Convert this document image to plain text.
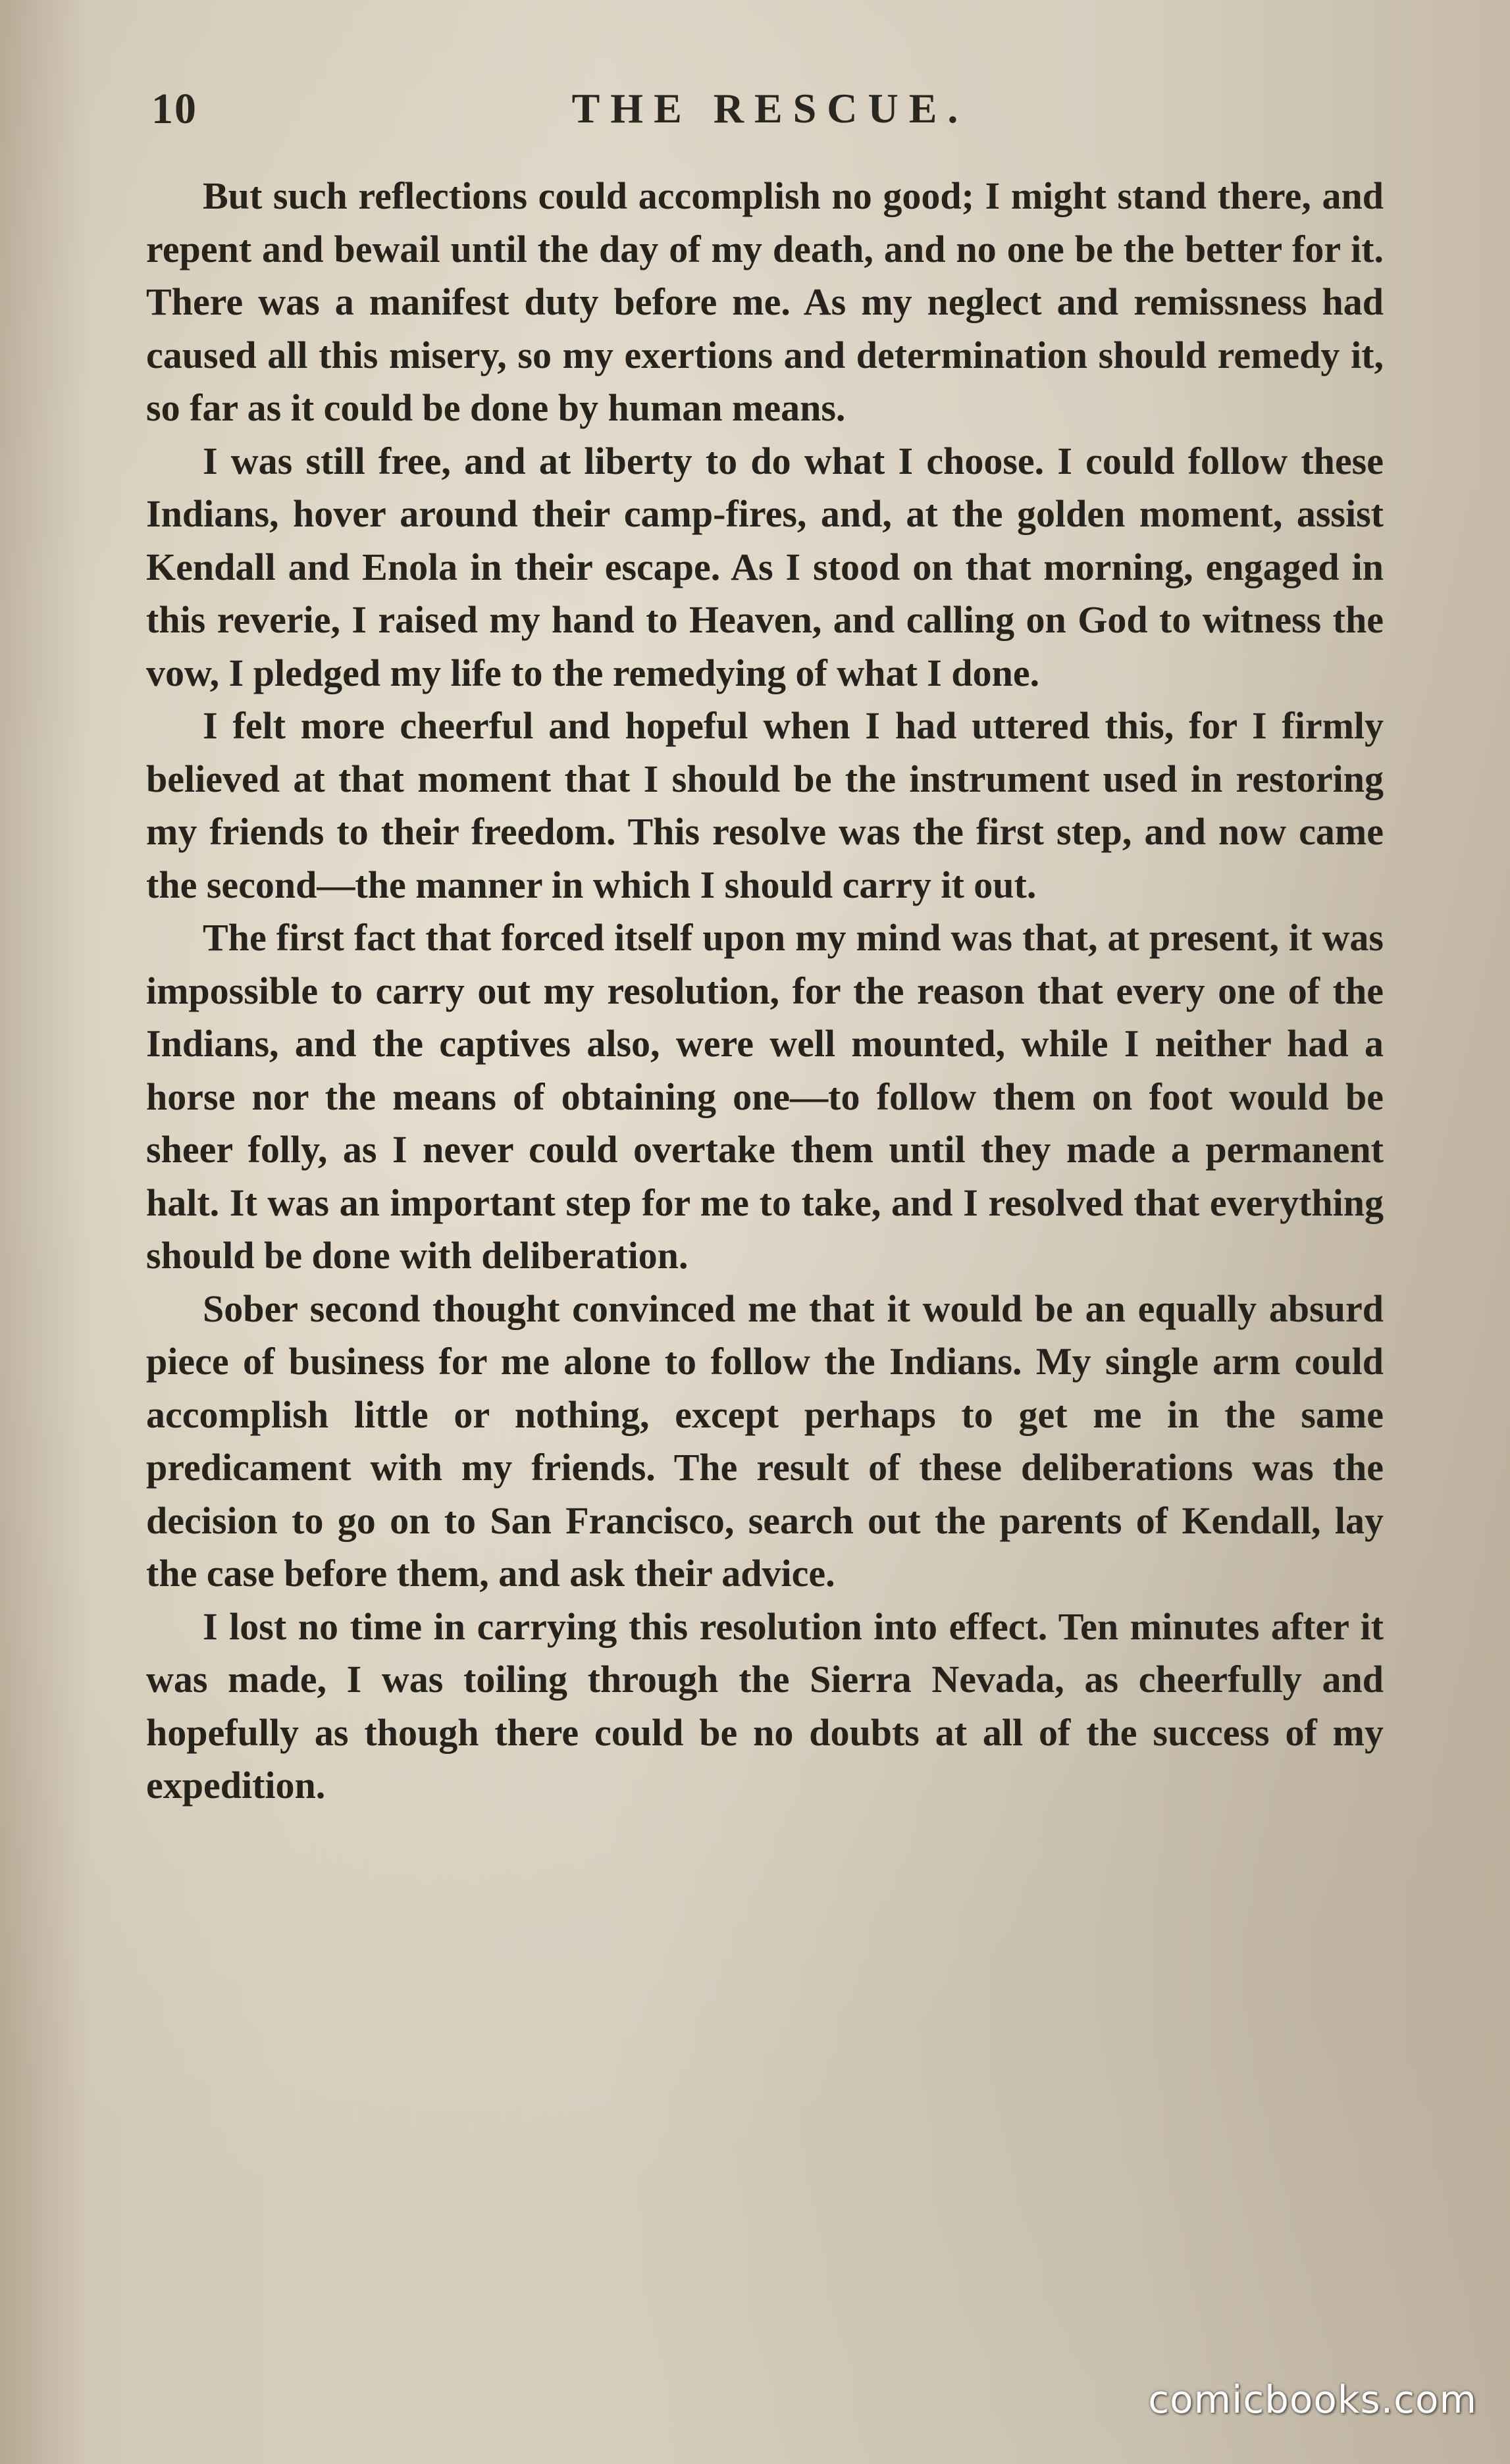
10	THE RESCUE.

But such reflections could accomplish no good; I might stand there, and repent and bewail until the day of my death, and no one be the better for it. There was a manifest duty before me. As my neglect and remissness had caused all this misery, so my exertions and determination should remedy it, so far as it could be done by human means.

I was still free, and at liberty to do what I choose. I could follow these Indians, hover around their camp-fires, and, at the golden moment, assist Kendall and Enola in their escape. As I stood on that morning, engaged in this reverie, I raised my hand to Heaven, and calling on God to witness the vow, I pledged my life to the remedying of what I done.

I felt more cheerful and hopeful when I had uttered this, for I firmly believed at that moment that I should be the instrument used in restoring my friends to their freedom. This resolve was the first step, and now came the second—the manner in which I should carry it out.

The first fact that forced itself upon my mind was that, at present, it was impossible to carry out my resolution, for the reason that every one of the Indians, and the captives also, were well mounted, while I neither had a horse nor the means of obtaining one—to follow them on foot would be sheer folly, as I never could overtake them until they made a permanent halt. It was an important step for me to take, and I resolved that everything should be done with deliberation.

Sober second thought convinced me that it would be an equally absurd piece of business for me alone to follow the Indians. My single arm could accomplish little or nothing, except perhaps to get me in the same predicament with my friends. The result of these deliberations was the decision to go on to San Francisco, search out the parents of Kendall, lay the case before them, and ask their advice.

I lost no time in carrying this resolution into effect. Ten minutes after it was made, I was toiling through the Sierra Nevada, as cheerfully and hopefully as though there could be no doubts at all of the success of my expedition.

comicbooks.com
